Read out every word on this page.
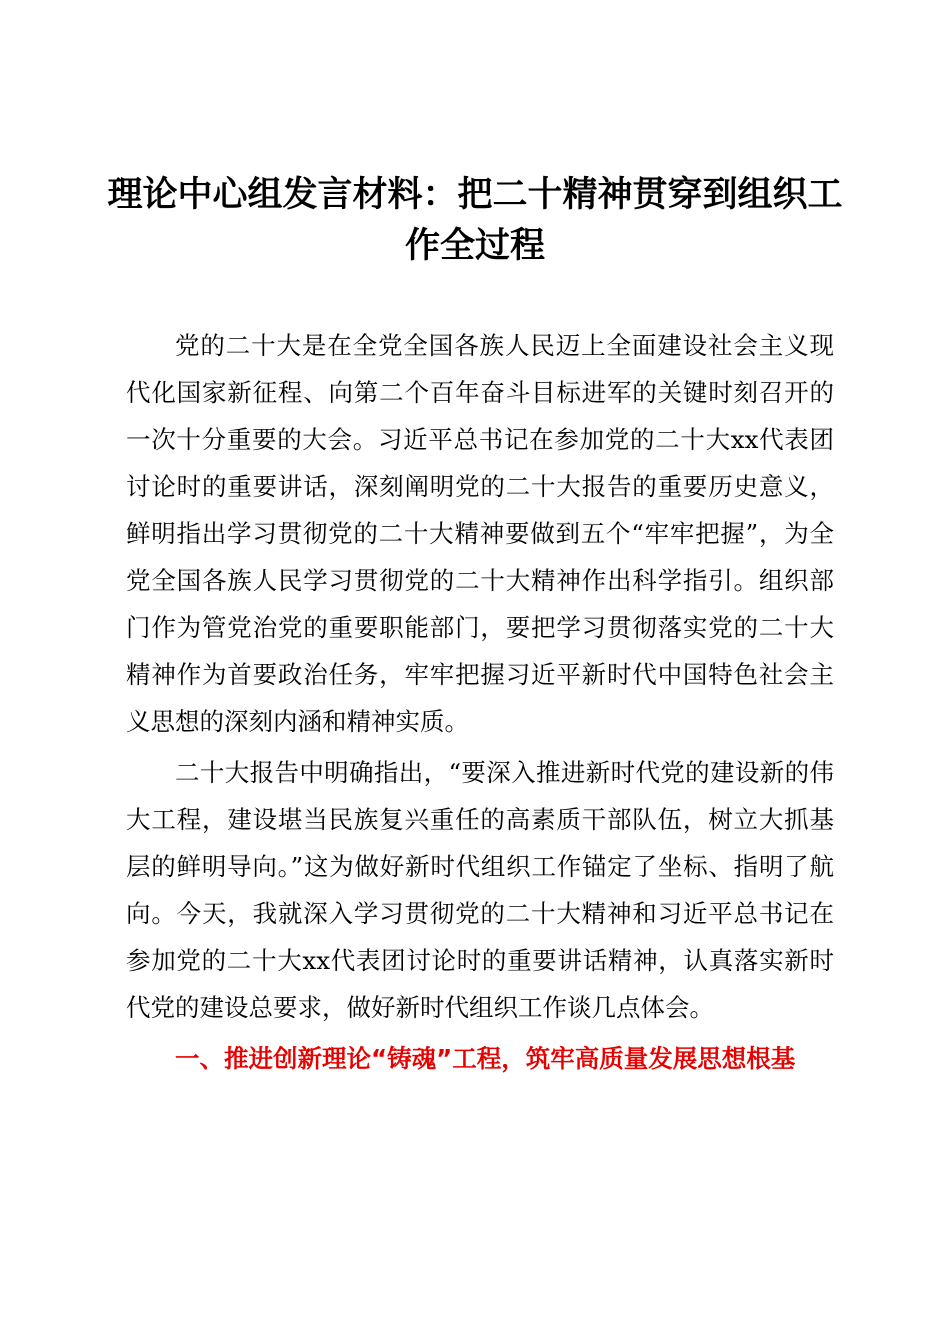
理论中心组发言材料：把二十精神贯穿到组织工作全过程

党的二十大是在全党全国各族人民迈上全面建设社会主义现代化国家新征程、向第二个百年奋斗目标进军的关键时刻召开的一次十分重要的大会。习近平总书记在参加党的二十大xx代表团讨论时的重要讲话，深刻阐明党的二十大报告的重要历史意义，鲜明指出学习贯彻党的二十大精神要做到五个“牢牢把握”，为全党全国各族人民学习贯彻党的二十大精神作出科学指引。组织部门作为管党治党的重要职能部门，要把学习贯彻落实党的二十大精神作为首要政治任务，牢牢把握习近平新时代中国特色社会主义思想的深刻内涵和精神实质。

二十大报告中明确指出，“要深入推进新时代党的建设新的伟大工程，建设堪当民族复兴重任的高素质干部队伍，树立大抓基层的鲜明导向。”这为做好新时代组织工作锚定了坐标、指明了航向。今天，我就深入学习贯彻党的二十大精神和习近平总书记在参加党的二十大xx代表团讨论时的重要讲话精神，认真落实新时代党的建设总要求，做好新时代组织工作谈几点体会。

一、推进创新理论“铸魂”工程，筑牢高质量发展思想根基
